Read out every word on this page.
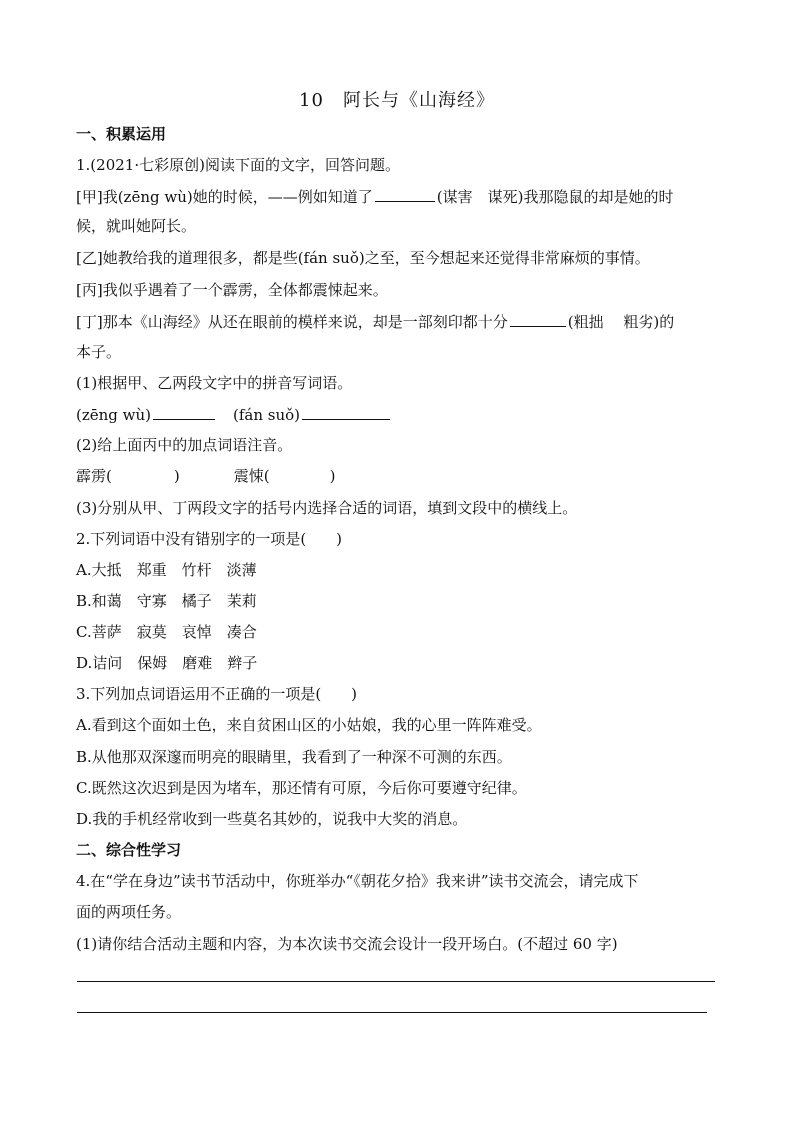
10　阿长与《山海经》
一、积累运用
1.(2021·七彩原创)阅读下面的文字，回答问题。
[甲]我(zēng wù)她的时候，——例如知道了	(谋害　谋死)我那隐鼠的却是她的时
候，就叫她阿长。
[乙]她教给我的道理很多，都是些(fán suǒ)之至，至今想起来还觉得非常麻烦的事情。
[丙]我似乎遇着了一个霹雳，全体都震悚起来。
[丁]那本《山海经》从还在眼前的模样来说，却是一部刻印都十分	(粗拙　 粗劣)的
本子。
(1)根据甲、乙两段文字中的拼音写词语。
(zēng wù)	(fán suǒ)
(2)给上面丙中的加点词语注音。
霹雳(	)	震悚(	)
(3)分别从甲、丁两段文字的括号内选择合适的词语，填到文段中的横线上。
2.下列词语中没有错别字的一项是(　　)
A.大抵　郑重　竹杆　淡薄
B.和蔼　守寡　橘子　茉莉
C.菩萨　寂莫　哀悼　凑合
D.诘问　保姆　磨难　辫子
3.下列加点词语运用不正确的一项是(　　)
A.看到这个面如土色，来自贫困山区的小姑娘，我的心里一阵阵难受。
B.从他那双深邃而明亮的眼睛里，我看到了一种深不可测的东西。
C.既然这次迟到是因为堵车，那还情有可原，今后你可要遵守纪律。
D.我的手机经常收到一些莫名其妙的，说我中大奖的消息。
二、综合性学习
4.在“学在身边”读书节活动中，你班举办“《朝花夕拾》我来讲”读书交流会，请完成下
面的两项任务。
(1)请你结合活动主题和内容，为本次读书交流会设计一段开场白。(不超过 60 字)
